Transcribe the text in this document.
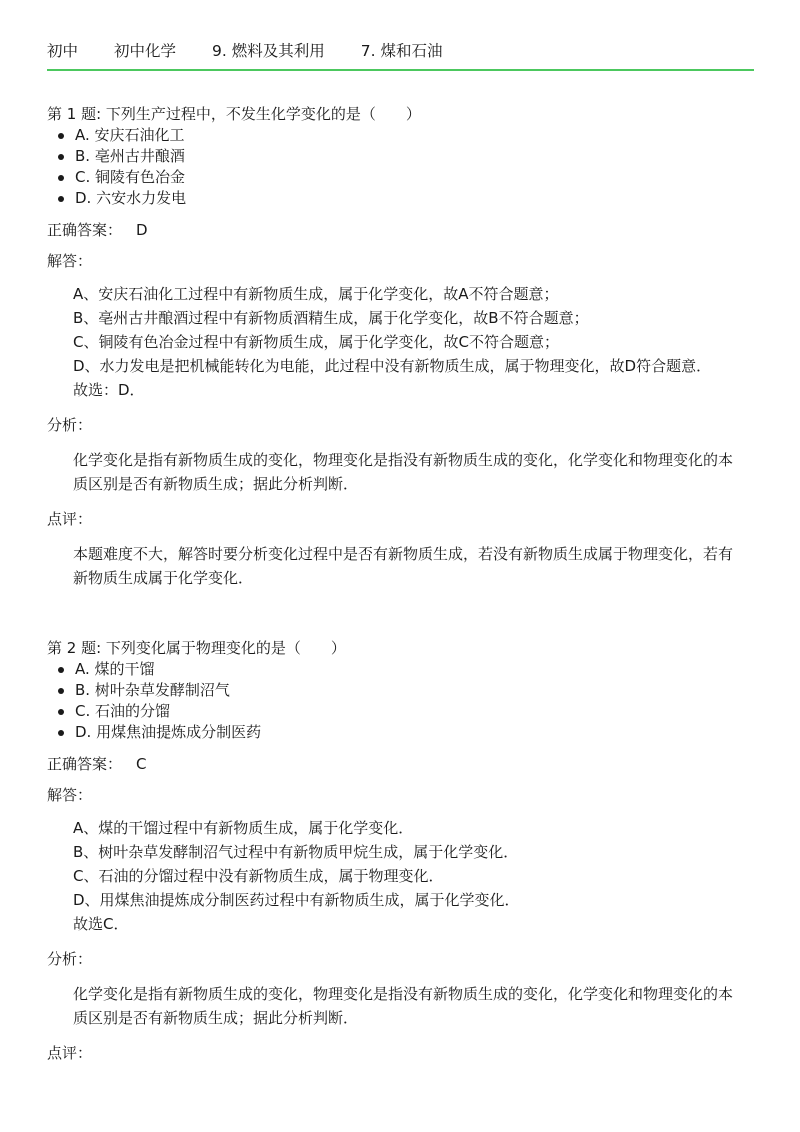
初中 初中化学 9. 燃料及其利用 7. 煤和石油
第 1 题: 下列生产过程中，不发生化学变化的是（　　）
A. 安庆石油化工
B. 亳州古井酿酒
C. 铜陵有色冶金
D. 六安水力发电
正确答案： D
解答：
A、安庆石油化工过程中有新物质生成，属于化学变化，故A不符合题意；
B、亳州古井酿酒过程中有新物质酒精生成，属于化学变化，故B不符合题意；
C、铜陵有色冶金过程中有新物质生成，属于化学变化，故C不符合题意；
D、水力发电是把机械能转化为电能，此过程中没有新物质生成，属于物理变化，故D符合题意．
故选：D．
分析：
化学变化是指有新物质生成的变化，物理变化是指没有新物质生成的变化，化学变化和物理变化的本质区别是否有新物质生成；据此分析判断．
点评：
本题难度不大，解答时要分析变化过程中是否有新物质生成，若没有新物质生成属于物理变化，若有新物质生成属于化学变化．
第 2 题: 下列变化属于物理变化的是（　　）
A. 煤的干馏
B. 树叶杂草发酵制沼气
C. 石油的分馏
D. 用煤焦油提炼成分制医药
正确答案： C
解答：
A、煤的干馏过程中有新物质生成，属于化学变化．
B、树叶杂草发酵制沼气过程中有新物质甲烷生成，属于化学变化．
C、石油的分馏过程中没有新物质生成，属于物理变化．
D、用煤焦油提炼成分制医药过程中有新物质生成，属于化学变化．
故选C．
分析：
化学变化是指有新物质生成的变化，物理变化是指没有新物质生成的变化，化学变化和物理变化的本质区别是否有新物质生成；据此分析判断．
点评：
